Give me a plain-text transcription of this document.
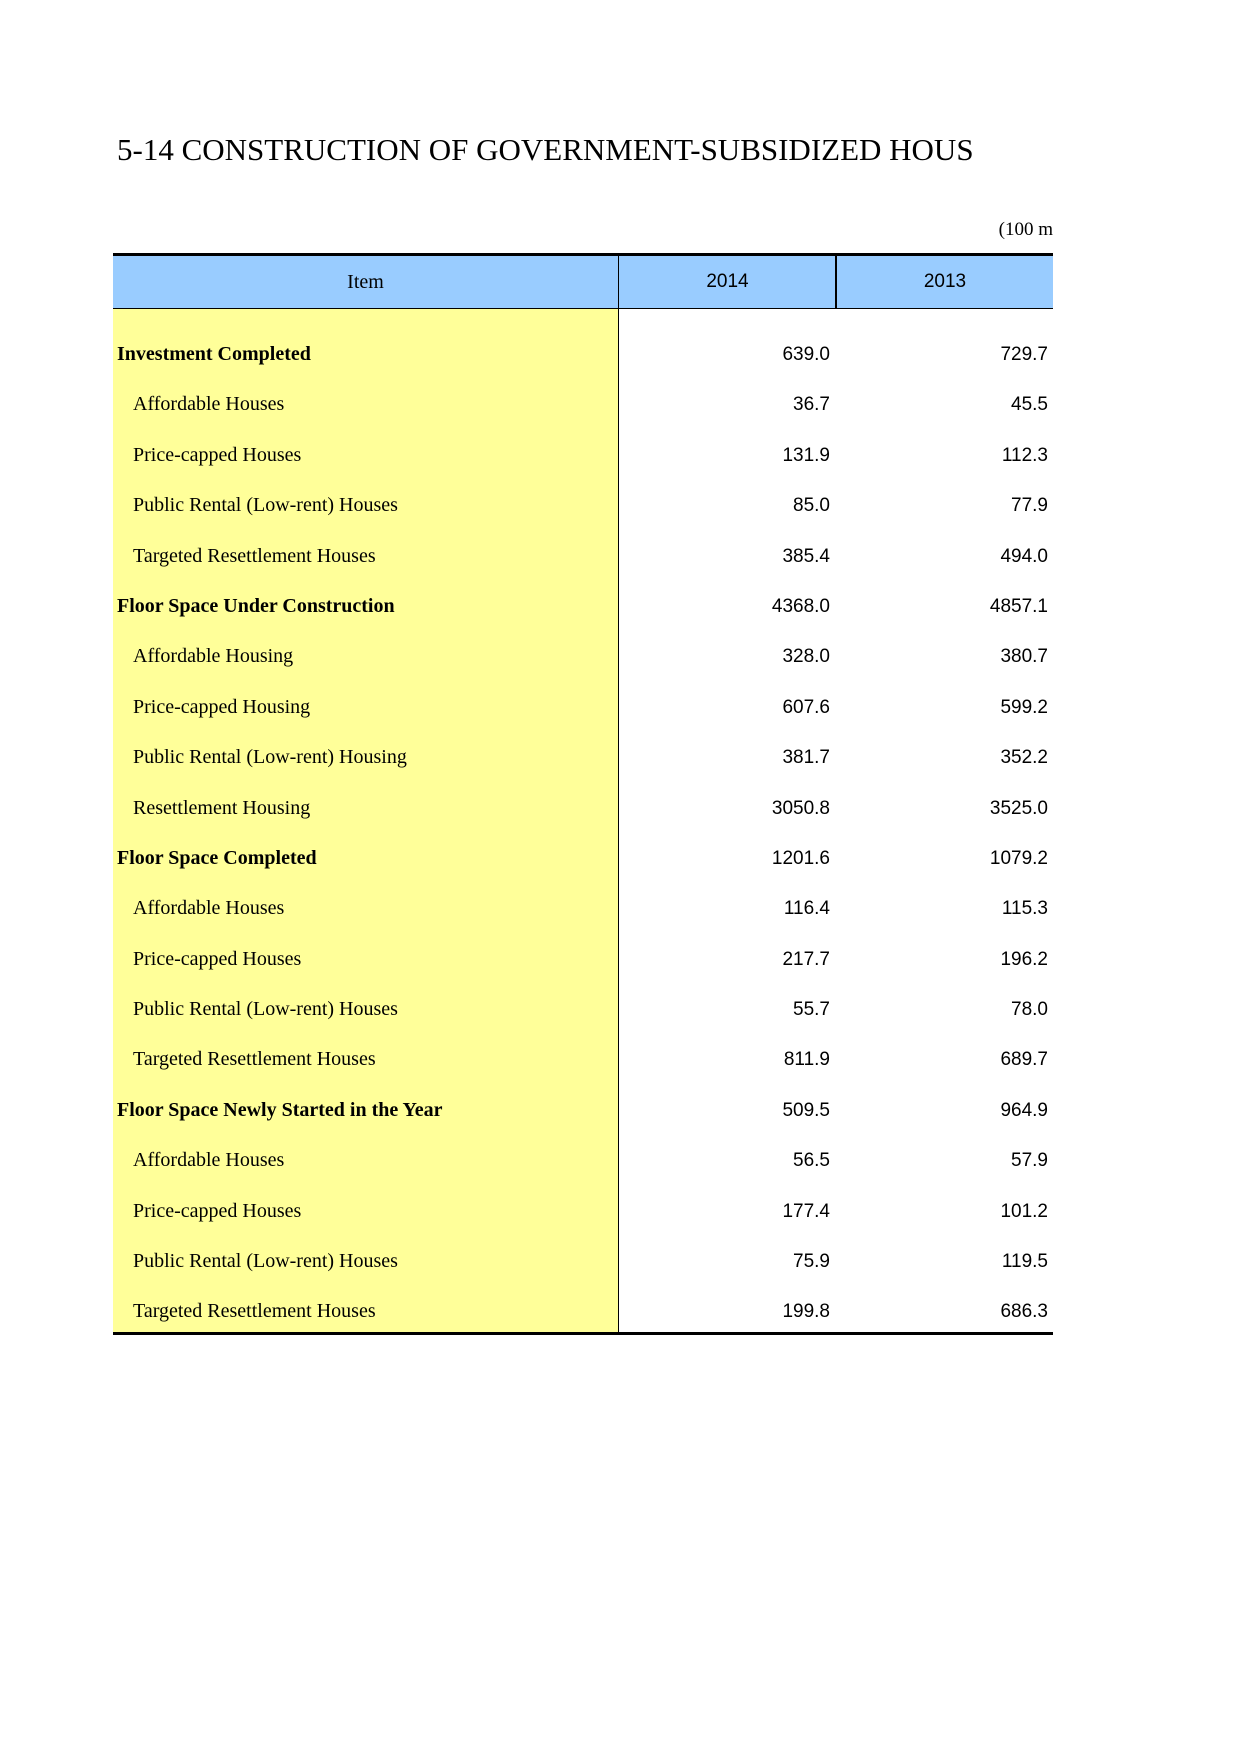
5-14 CONSTRUCTION OF GOVERNMENT-SUBSIDIZED HOUS
(100 m
Item	2014	2013
Investment Completed	639.0	729.7
Affordable Houses	36.7	45.5
Price-capped Houses	131.9	112.3
Public Rental (Low-rent) Houses	85.0	77.9
Targeted Resettlement Houses	385.4	494.0
Floor Space Under Construction	4368.0	4857.1
Affordable Housing	328.0	380.7
Price-capped Housing	607.6	599.2
Public Rental (Low-rent) Housing	381.7	352.2
Resettlement Housing	3050.8	3525.0
Floor Space Completed	1201.6	1079.2
Affordable Houses	116.4	115.3
Price-capped Houses	217.7	196.2
Public Rental (Low-rent) Houses	55.7	78.0
Targeted Resettlement Houses	811.9	689.7
Floor Space Newly Started in the Year	509.5	964.9
Affordable Houses	56.5	57.9
Price-capped Houses	177.4	101.2
Public Rental (Low-rent) Houses	75.9	119.5
Targeted Resettlement Houses	199.8	686.3
